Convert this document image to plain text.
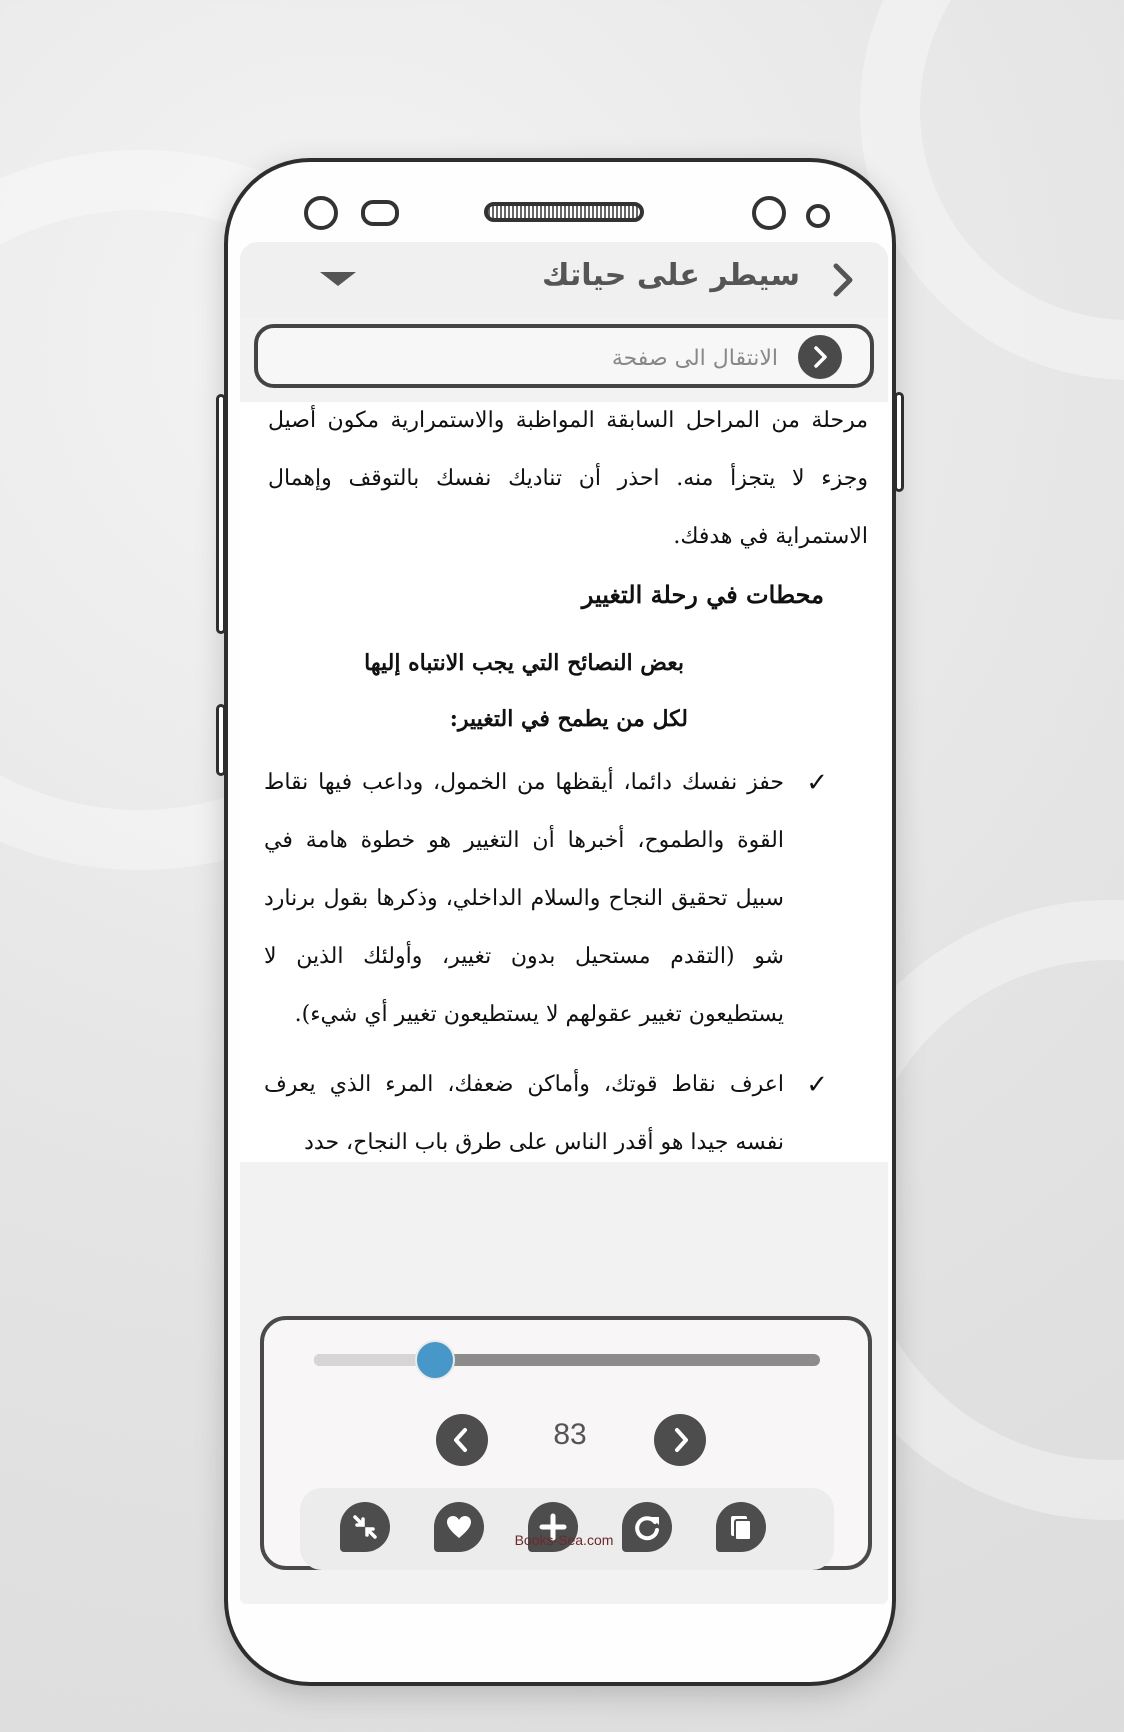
سيطر على حياتك
الانتقال الى صفحة
مرحلة من المراحل السابقة المواظبة والاستمرارية مكون أصيل وجزء لا يتجزأ منه. احذر أن تناديك نفسك بالتوقف وإهمال الاستمراية في هدفك.
محطات في رحلة التغيير
بعض النصائح التي يجب الانتباه إليها
لكل من يطمح في التغيير:
✓
حفز نفسك دائما، أيقظها من الخمول، وداعب فيها نقاط القوة والطموح، أخبرها أن التغيير هو خطوة هامة في سبيل تحقيق النجاح والسلام الداخلي، وذكرها بقول برنارد شو (التقدم مستحيل بدون تغيير، وأولئك الذين لا يستطيعون تغيير عقولهم لا يستطيعون تغيير أي شيء).
✓
اعرف نقاط قوتك، وأماكن ضعفك، المرء الذي يعرف نفسه جيدا هو أقدر الناس على طرق باب النجاح، حدد
83
Books-Sea.com
